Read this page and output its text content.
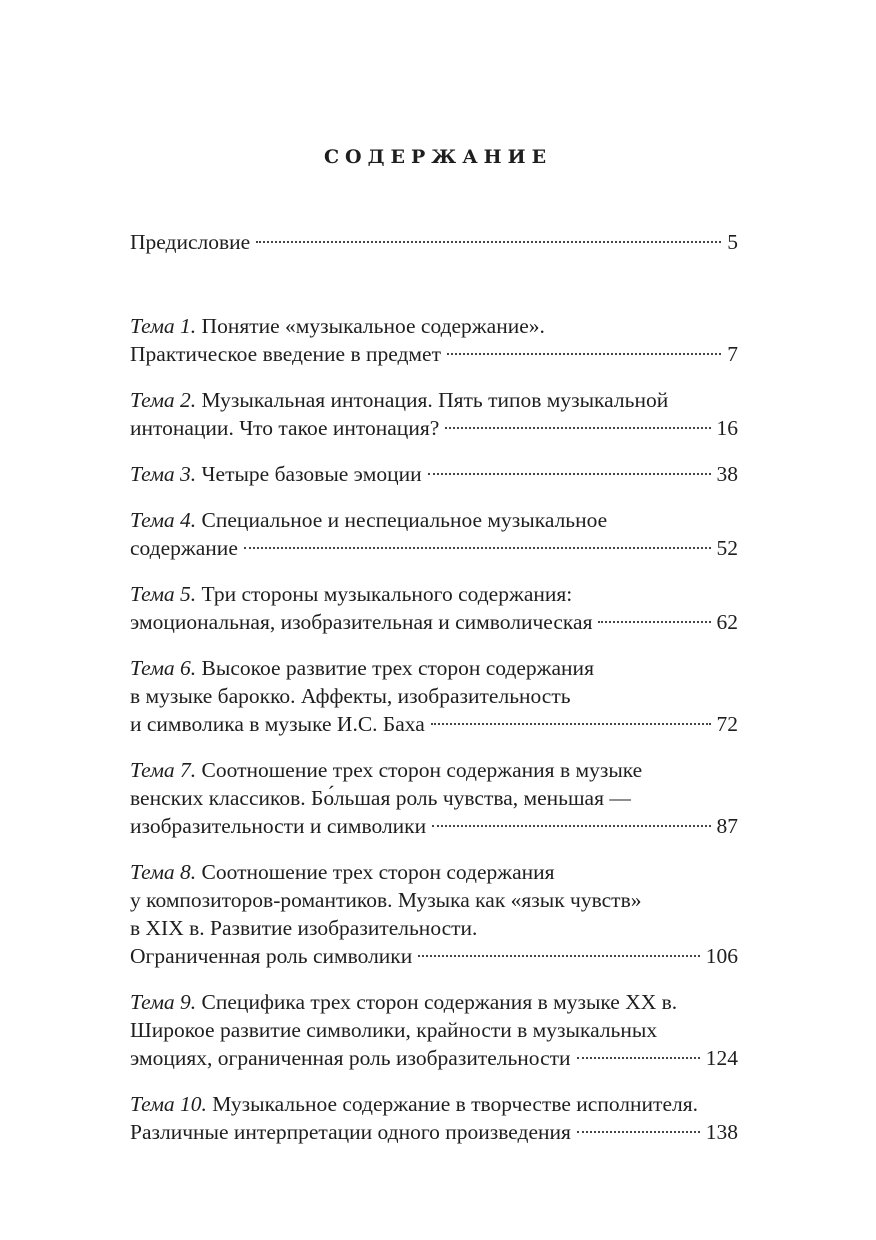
СОДЕРЖАНИЕ
Предисловие	5
Тема 1. Понятие «музыкальное содержание».
Практическое введение в предмет	7
Тема 2. Музыкальная интонация. Пять типов музыкальной
интонации. Что такое интонация?	16
Тема 3. Четыре базовые эмоции	38
Тема 4. Специальное и неспециальное музыкальное
содержание	52
Тема 5. Три стороны музыкального содержания:
эмоциональная, изобразительная и символическая	62
Тема 6. Высокое развитие трех сторон содержания
в музыке барокко. Аффекты, изобразительность
и символика в музыке И.С. Баха	72
Тема 7. Соотношение трех сторон содержания в музыке
венских классиков. Бо́льшая роль чувства, меньшая —
изобразительности и символики	87
Тема 8. Соотношение трех сторон содержания
у композиторов-романтиков. Музыка как «язык чувств»
в XIX в. Развитие изобразительности.
Ограниченная роль символики	106
Тема 9. Специфика трех сторон содержания в музыке XX в.
Широкое развитие символики, крайности в музыкальных
эмоциях, ограниченная роль изобразительности	124
Тема 10. Музыкальное содержание в творчестве исполнителя.
Различные интерпретации одного произведения	138
